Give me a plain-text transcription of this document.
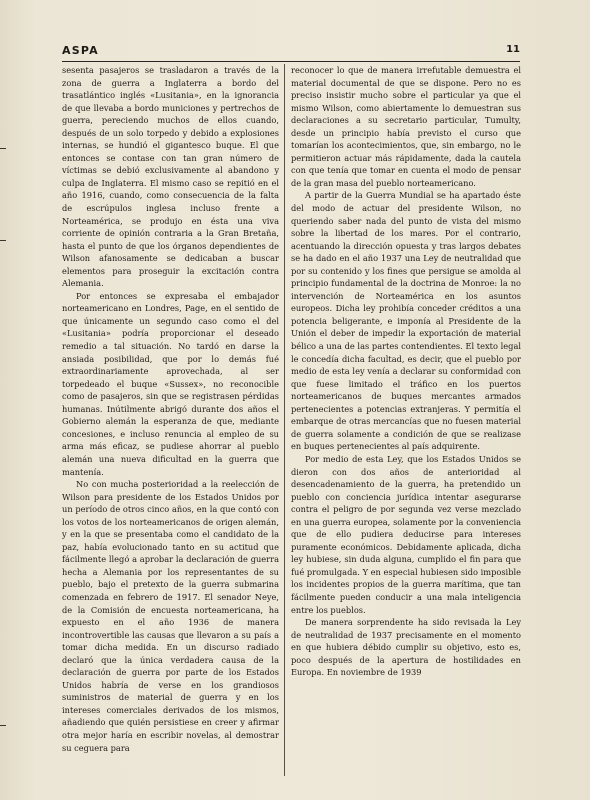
ASPA	11

sesenta pasajeros se trasladaron a través de la zona de guerra a Inglaterra a bordo del trasatlántico inglés «Lusitania», en la ignorancia de que llevaba a bordo municiones y pertrechos de guerra, pereciendo muchos de ellos cuando, después de un solo torpedo y debido a explosiones internas, se hundió el gigantesco buque. El que entonces se contase con tan gran número de víctimas se debió exclusivamente al abandono y culpa de Inglaterra. El mismo caso se repitió en el año 1916, cuando, como consecuencia de la falta de escrúpulos inglesa incluso frente a Norteamérica, se produjo en ésta una viva corriente de opinión contraria a la Gran Bretaña, hasta el punto de que los órganos dependientes de Wilson afanosamente se dedicaban a buscar elementos para proseguir la excitación contra Alemania.

Por entonces se expresaba el embajador norteamericano en Londres, Page, en el sentido de que únicamente un segundo caso como el del «Lusitania» podría proporcionar el deseado remedio a tal situación. No tardó en darse la ansiada posibilidad, que por lo demás fué extraordinariamente aprovechada, al ser torpedeado el buque «Sussex», no reconocible como de pasajeros, sin que se registrasen pérdidas humanas. Inútilmente abrigó durante dos años el Gobierno alemán la esperanza de que, mediante concesiones, e incluso renuncia al empleo de su arma más eficaz, se pudiese ahorrar al pueblo alemán una nueva dificultad en la guerra que mantenía.

No con mucha posterioridad a la reelección de Wilson para presidente de los Estados Unidos por un período de otros cinco años, en la que contó con los votos de los norteamericanos de origen alemán, y en la que se presentaba como el candidato de la paz, había evolucionado tanto en su actitud que fácilmente llegó a aprobar la declaración de guerra hecha a Alemania por los representantes de su pueblo, bajo el pretexto de la guerra submarina comenzada en febrero de 1917. El senador Neye, de la Comisión de encuesta norteamericana, ha expuesto en el año 1936 de manera incontrovertible las causas que llevaron a su país a tomar dicha medida. En un discurso radiado declaró que la única verdadera causa de la declaración de guerra por parte de los Estados Unidos habría de verse en los grandiosos suministros de material de guerra y en los intereses comerciales derivados de los mismos, añadiendo que quién persistiese en creer y afirmar otra mejor haría en escribir novelas, al demostrar su ceguera para

reconocer lo que de manera irrefutable demuestra el material documental de que se dispone. Pero no es preciso insistir mucho sobre el particular ya que el mismo Wilson, como abiertamente lo demuestran sus declaraciones a su secretario particular, Tumulty, desde un principio había previsto el curso que tomarían los acontecimientos, que, sin embargo, no le permitieron actuar más rápidamente, dada la cautela con que tenía que tomar en cuenta el modo de pensar de la gran masa del pueblo norteamericano.

A partir de la Guerra Mundial se ha apartado éste del modo de actuar del presidente Wilson, no queriendo saber nada del punto de vista del mismo sobre la libertad de los mares. Por el contrario, acentuando la dirección opuesta y tras largos debates se ha dado en el año 1937 una Ley de neutralidad que por su contenido y los fines que persigue se amolda al principio fundamental de la doctrina de Monroe: la no intervención de Norteamérica en los asuntos europeos. Dicha ley prohibía conceder créditos a una potencia beligerante, e imponía al Presidente de la Unión el deber de impedir la exportación de material bélico a una de las partes contendientes. El texto legal le concedía dicha facultad, es decir, que el pueblo por medio de esta ley venía a declarar su conformidad con que fuese limitado el tráfico en los puertos norteamericanos de buques mercantes armados pertenecientes a potencias extranjeras. Y permitía el embarque de otras mercancías que no fuesen material de guerra solamente a condición de que se realizase en buques pertenecientes al país adquirente.

Por medio de esta Ley, que los Estados Unidos se dieron con dos años de anterioridad al desencadenamiento de la guerra, ha pretendido un pueblo con conciencia jurídica intentar asegurarse contra el peligro de por segunda vez verse mezclado en una guerra europea, solamente por la conveniencia que de ello pudiera deducirse para intereses puramente económicos. Debidamente aplicada, dicha ley hubiese, sin duda alguna, cumplido el fin para que fué promulgada. Y en especial hubiesen sido imposible los incidentes propios de la guerra marítima, que tan fácilmente pueden conducir a una mala inteligencia entre los pueblos.

De manera sorprendente ha sido revisada la Ley de neutralidad de 1937 precisamente en el momento en que hubiera débido cumplir su objetivo, esto es, poco después de la apertura de hostilidades en Europa. En noviembre de 1939
